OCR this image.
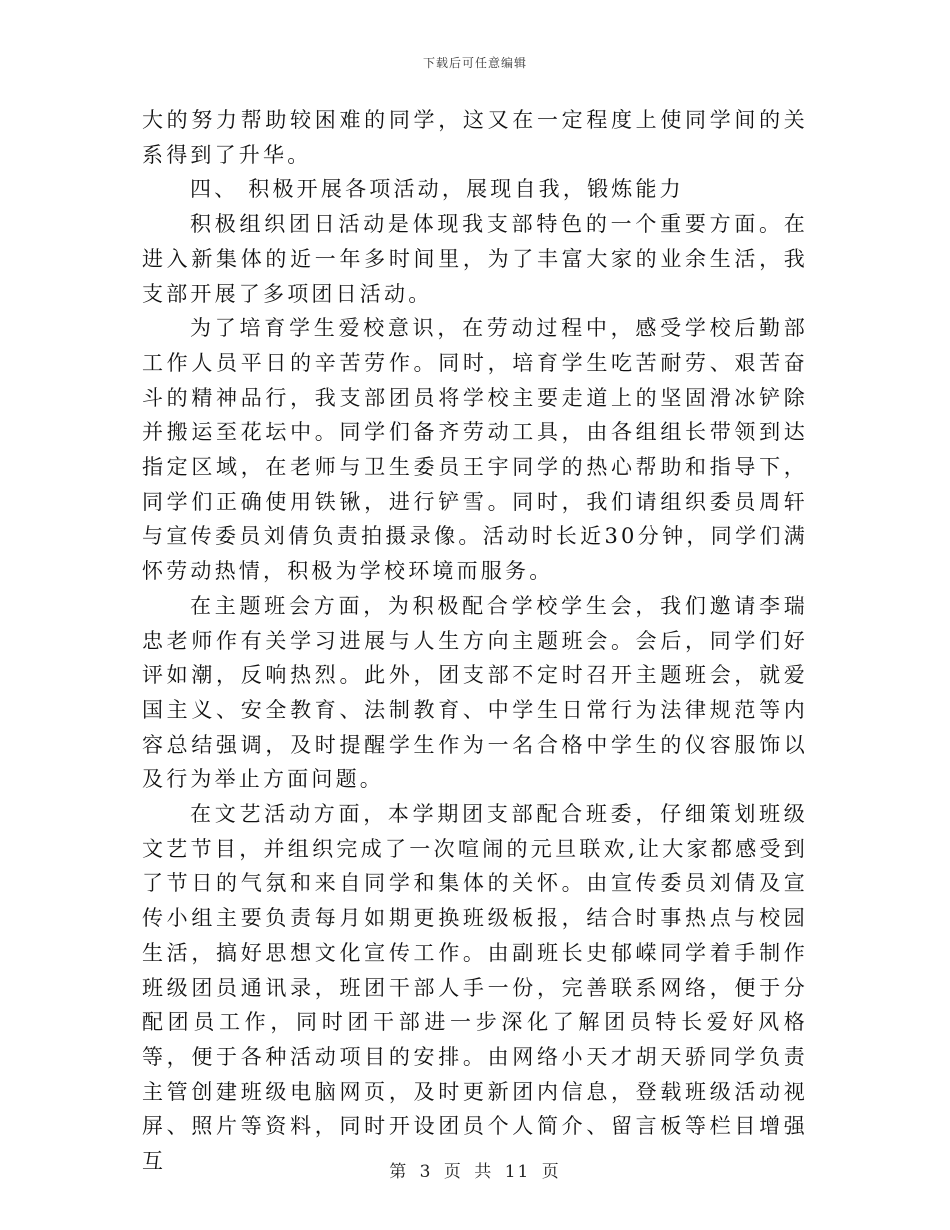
下载后可任意编辑

大的努力帮助较困难的同学，这又在一定程度上使同学间的关系得到了升华。

四、 积极开展各项活动，展现自我，锻炼能力

积极组织团日活动是体现我支部特色的一个重要方面。在进入新集体的近一年多时间里，为了丰富大家的业余生活，我支部开展了多项团日活动。

为了培育学生爱校意识，在劳动过程中，感受学校后勤部工作人员平日的辛苦劳作。同时，培育学生吃苦耐劳、艰苦奋斗的精神品行，我支部团员将学校主要走道上的坚固滑冰铲除并搬运至花坛中。同学们备齐劳动工具，由各组组长带领到达指定区域，在老师与卫生委员王宇同学的热心帮助和指导下，同学们正确使用铁锹，进行铲雪。同时，我们请组织委员周轩与宣传委员刘倩负责拍摄录像。活动时长近30分钟，同学们满怀劳动热情，积极为学校环境而服务。

在主题班会方面，为积极配合学校学生会，我们邀请李瑞忠老师作有关学习进展与人生方向主题班会。会后，同学们好评如潮，反响热烈。此外，团支部不定时召开主题班会，就爱国主义、安全教育、法制教育、中学生日常行为法律规范等内容总结强调，及时提醒学生作为一名合格中学生的仪容服饰以及行为举止方面问题。

在文艺活动方面，本学期团支部配合班委，仔细策划班级文艺节目，并组织完成了一次喧闹的元旦联欢,让大家都感受到了节日的气氛和来自同学和集体的关怀。由宣传委员刘倩及宣传小组主要负责每月如期更换班级板报，结合时事热点与校园生活，搞好思想文化宣传工作。由副班长史郁嵘同学着手制作班级团员通讯录，班团干部人手一份，完善联系网络，便于分配团员工作，同时团干部进一步深化了解团员特长爱好风格等，便于各种活动项目的安排。由网络小天才胡天骄同学负责主管创建班级电脑网页，及时更新团内信息，登载班级活动视屏、照片等资料，同时开设团员个人简介、留言板等栏目增强互	第 3 页 共 11 页
